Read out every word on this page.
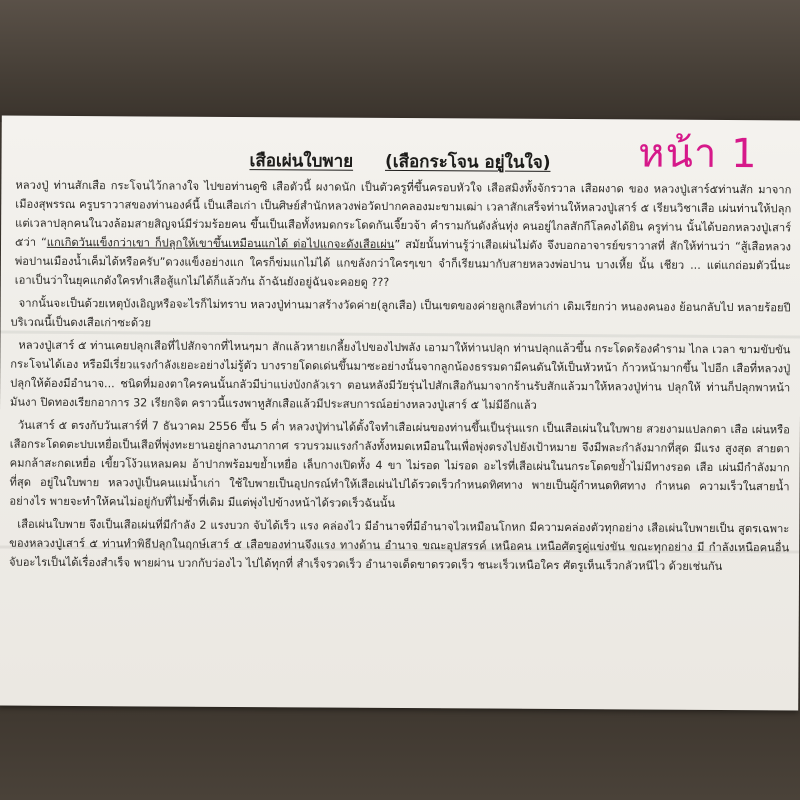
หน้า 1
เสือเผ่นใบพาย (เสือกระโจน อยู่ในใจ)

หลวงปู่ ท่านสักเสือ กระโจนไว้กลางใจ ไปขอท่านดูซิ เสือตัวนี้ ผงาดนัก เป็นตัวครูที่ขึ้นครอบหัวใจ เสือสมิงทั้งจักรวาล เสือผงาด ของ หลวงปู่เสาร์๕ท่านสัก มาจากเมืองสุพรรณ ครูบราวาสของท่านองค์นี้ เป็นเสือเก่า เป็นศิษย์สำนักหลวงพ่อวัดปากคลองมะขามเฒ่า เวลาสักเสร็จท่านให้หลวงปู่เสาร์ ๕ เรียนวิชาเสือ เผ่นท่านให้ปลุกแต่เวลาปลุกคนในวงล้อมสายสิญจน์มีร่วมร้อยคน ขึ้นเป็นเสือทั้งหมดกระโดดกันเจี๊ยวจ้า คำรามกันดังลั่นทุ่ง คนอยู่ไกลสักกีโลคงได้ยิน ครูท่าน นั้นได้บอกหลวงปู่เสาร์ ๕ว่า “แกเกิดวันแข็งกว่าเขา ก็ปลุกให้เขาขึ้นเหมือนแกได้ ต่อไปแกจะดังเสือเผ่น” สมัยนั้นท่านรู้ว่าเสือเผ่นไม่ดัง จึงบอกอาจารย์ขราวาสที่ สักให้ท่านว่า “สู้เสือหลวงพ่อปานเมืองน้ำเค็มได้หรือครับ”ดวงแข็งอย่างแก ใครก็ข่มแกไม่ได้ แกขลังกว่าใครๆเขา จำก็เรียนมากับสายหลวงพ่อปาน บางเหี้ย นั้น เชียว ... แต่แกถ่อมตัวนี่นะ เอาเป็นว่าในยุคแกดังใครทำเสือสู้แกไม่ได้ก็แล้วกัน ถ้าฉันยังอยู่ฉันจะคอยดู ???

จากนั้นจะเป็นด้วยเหตุบังเอิญหรือจะไรก็ไม่ทราบ หลวงปู่ท่านมาสร้างวัดค่าย(ลูกเสือ) เป็นเขตของค่ายลูกเสือท่าเก่า เดิมเรียกว่า หนองคนอง ย้อนกลับไป หลายร้อยปีบริเวณนี้เป็นดงเสือเก่าซะด้วย

หลวงปู่เสาร์ ๕ ท่านเคยปลุกเสือที่ไปสักจากที่ไหนๆมา สักแล้วหายเกลี้ยงไปของไปพลัง เอามาให้ท่านปลุก ท่านปลุกแล้วขึ้น กระโดดร้องคำราม ไกล เวลา ขามขับขันกระโจนได้เอง หรือมีเรี่ยวแรงกำลังเยอะอย่างไม่รู้ตัว บางรายโดดเด่นขึ้นมาซะอย่างนั้นจากลูกน้องธรรมดามีคนดันให้เป็นหัวหน้า ก้าวหน้ามากขึ้น ไปอีก เสือที่หลวงปู่ปลุกให้ต้องมีอำนาจ... ชนิดที่มองตาใครคนนั้นกลัวมีบ่าแบ่งบังกลัวเรา ตอนหลังมีวัยรุ่นไปสักเสือกันมาจากร้านรับสักแล้วมาให้หลวงปู่ท่าน ปลุกให้ ท่านก็ปลุกพาหน้ามันงา ปิดทองเรียกอาการ 32 เรียกจิต คราวนี้แรงพาหูสักเสือแล้วมีประสบการณ์อย่างหลวงปู่เสาร์ ๕ ไม่มีอีกแล้ว

วันเสาร์ ๕ ตรงกับวันเสาร์ที่ 7 ธันวาคม 2556 ขึ้น 5 ค่ำ หลวงปู่ท่านได้ตั้งใจทำเสือเผ่นของท่านขึ้นเป็นรุ่นแรก เป็นเสือเผ่นในใบพาย สวยงามแปลกตา เสือ เผ่นหรือเสือกระโดดตะปบเหยื่อเป็นเสือที่พุ่งทะยานอยู่กลางนภากาศ รวบรวมแรงกำลังทั้งหมดเหมือนในเพื่อพุ่งตรงไปยังเป้าหมาย จึงมีพละกำลังมากที่สุด มีแรง สูงสุด สายตาคมกล้าสะกดเหยื่อ เขี้ยวโง้วแหลมคม อ้าปากพร้อมขย้ำเหยื่อ เล็บกางเปิดทั้ง 4 ขา ไม่รอด ไม่รอด อะไรที่เสือเผ่นในนกระโดดขย้ำไม่มีทางรอด เสือ เผ่นมีกำลังมากที่สุด อยู่ในใบพาย หลวงปู่เป็นคนแม่น้ำเก่า ใช้ใบพายเป็นอุปกรณ์ทำให้เสือเผ่นไปได้รวดเร็วกำหนดทิศทาง พายเป็นผู้กำหนดทิศทาง กำหนด ความเร็วในสายน้ำอย่างไร พายจะทำให้คนไม่อยู่กับที่ไม่ซ้ำที่เดิม มีแต่พุ่งไปข้างหน้าได้รวดเร็วฉันนั้น

เสือเผ่นใบพาย จึงเป็นเสือเผ่นที่มีกำลัง 2 แรงบวก จับได้เร็ว แรง คล่องไว มีอำนาจที่มีอำนาจไวเหมือนโกหก มีความคล่องตัวทุกอย่าง เสือเผ่นใบพายเป็น สูตรเฉพาะของหลวงปู่เสาร์ ๕ ท่านทำพิธีปลุกในฤกษ์เสาร์ ๕ เสือของท่านจึงแรง ทางด้าน อำนาจ ขณะอุปสรรค์ เหนือคน เหนือศัตรูคู่แข่งขัน ขณะทุกอย่าง มี กำลังเหนือคนอื่น จับอะไรเป็นได้เรื่องสำเร็จ พายผ่าน บวกกับว่องไว ไปได้ทุกที่ สำเร็จรวดเร็ว อำนาจเด็ดขาดรวดเร็ว ชนะเร็วเหนือใคร ศัตรูเห็นเร็วกลัวหนีไว ด้วยเช่นกัน
